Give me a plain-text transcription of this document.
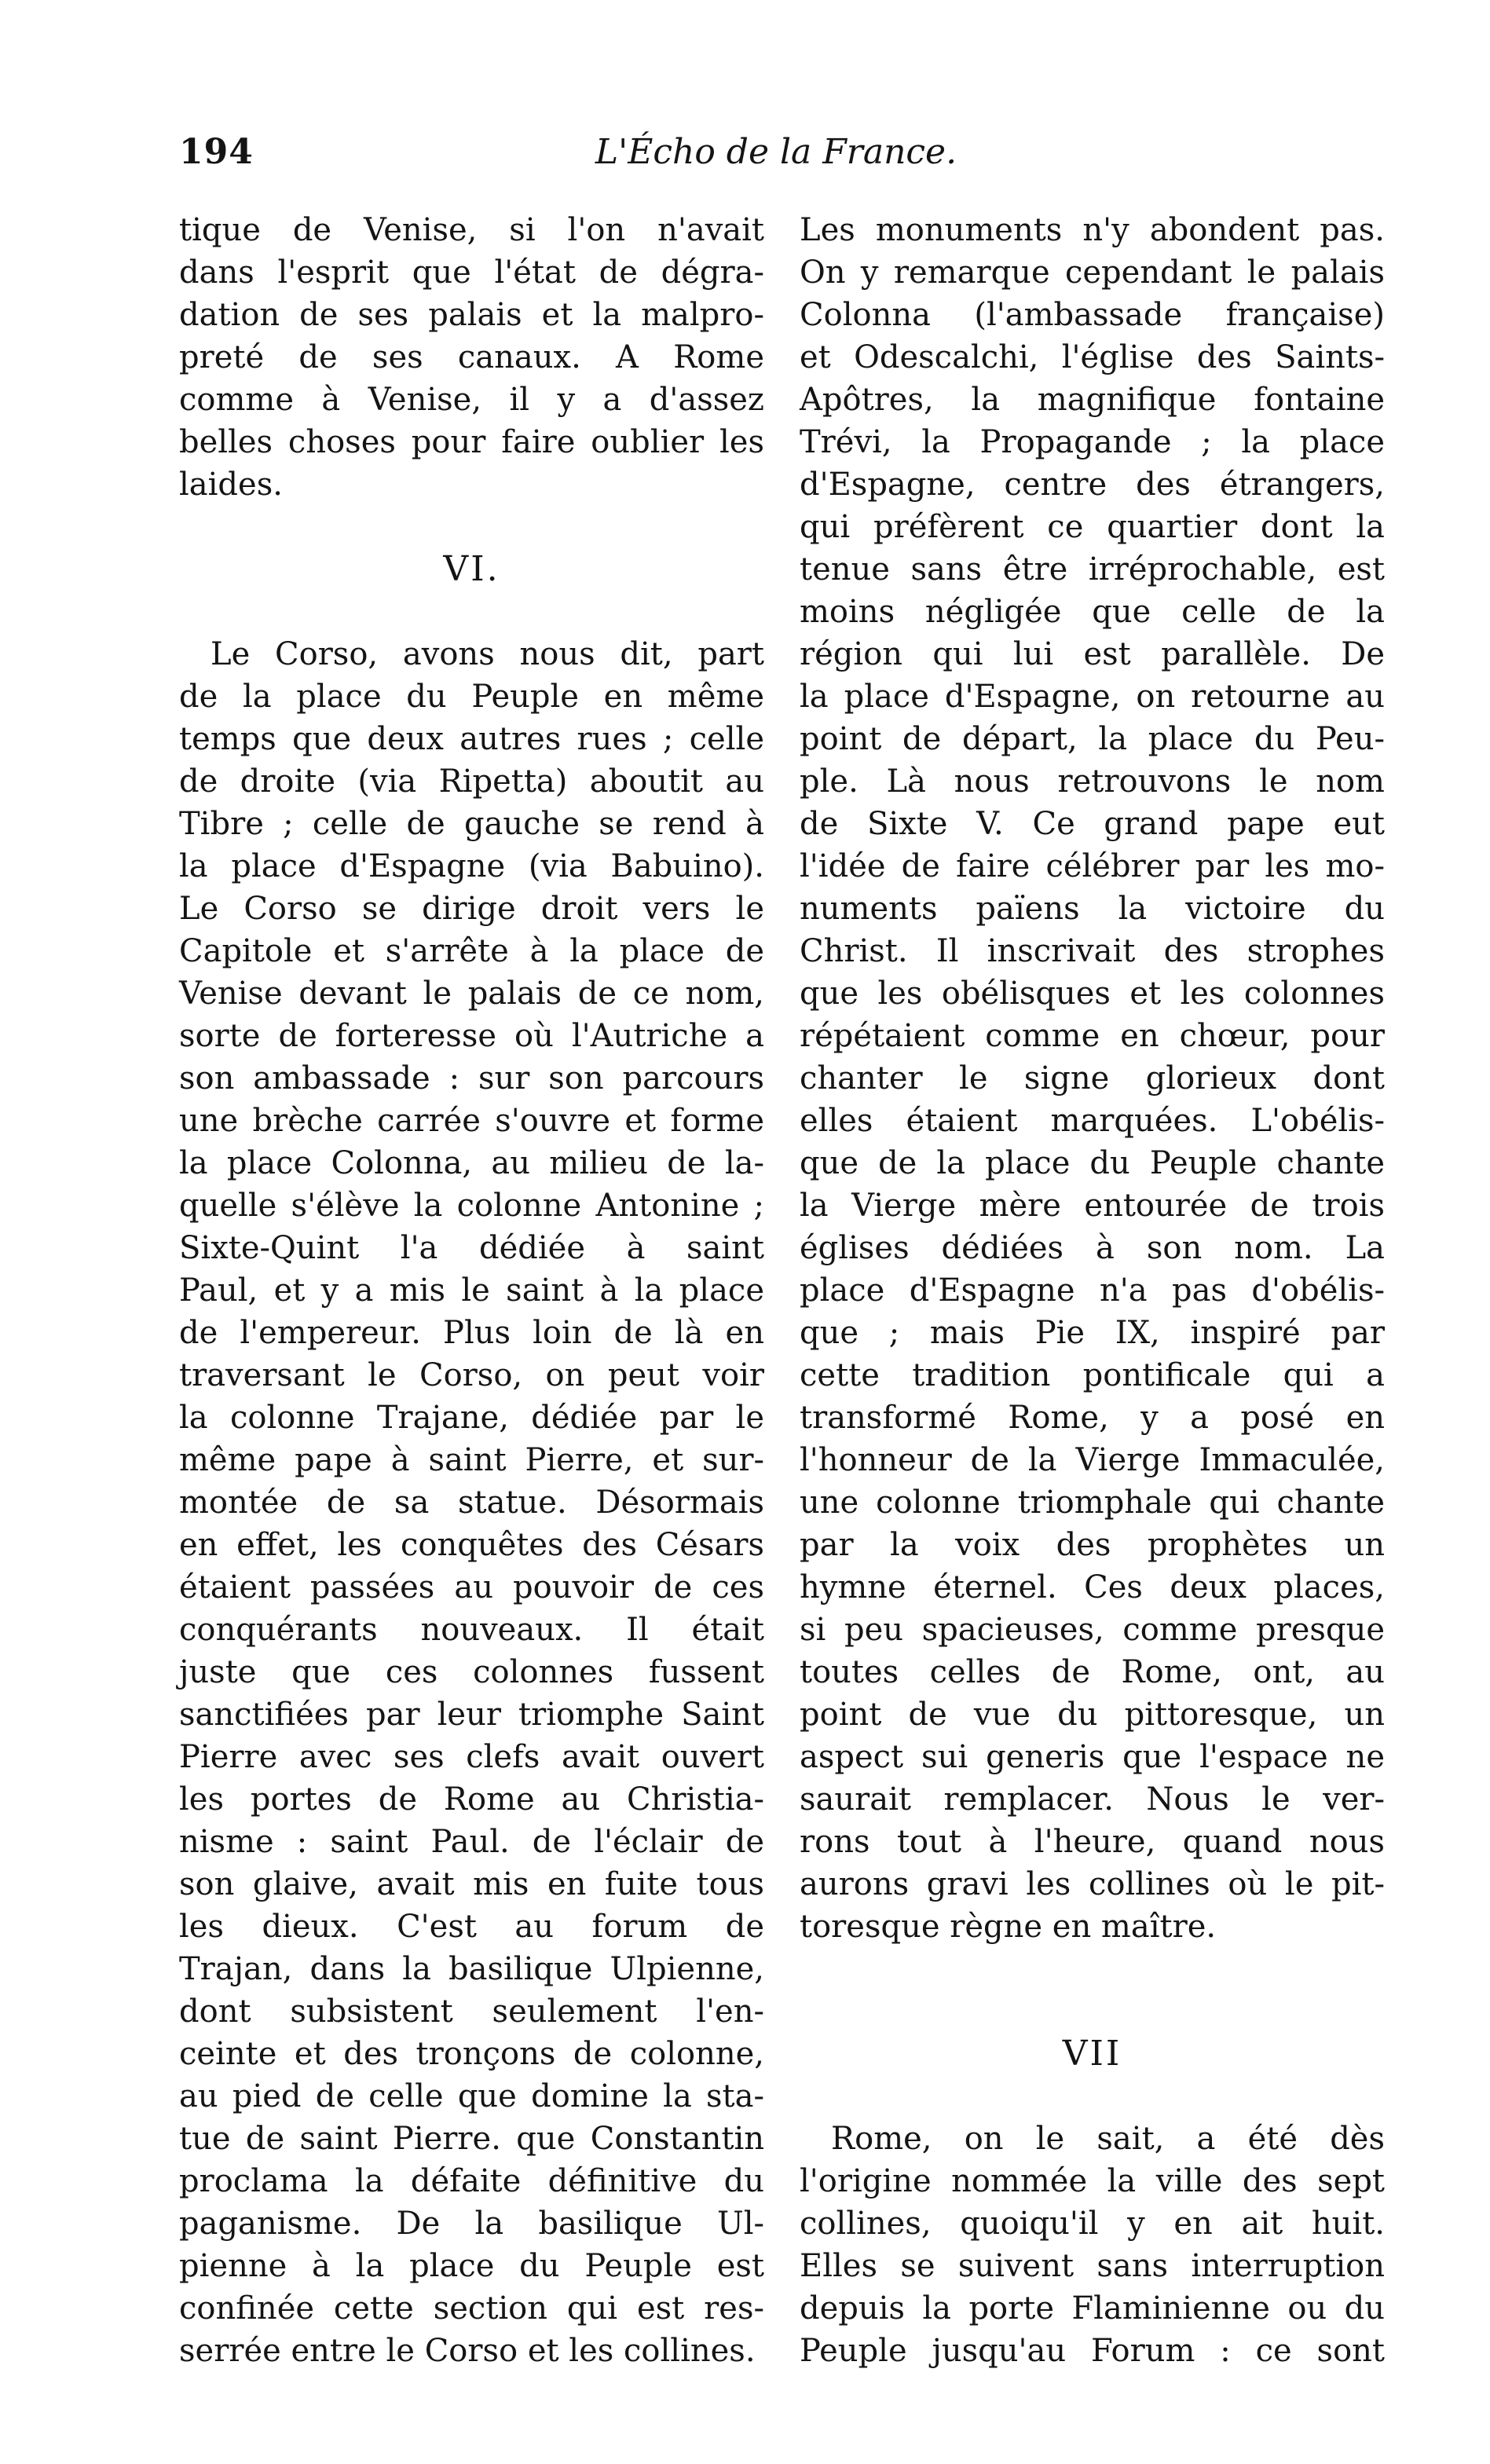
194	L'Écho de la France.
tique de Venise, si l'on n'avait
dans l'esprit que l'état de dégra-
dation de ses palais et la malpro-
preté de ses canaux. A Rome
comme à Venise, il y a d'assez
belles choses pour faire oublier les
laides.
VI.
Le Corso, avons nous dit, part
de la place du Peuple en même
temps que deux autres rues ; celle
de droite (via Ripetta) aboutit au
Tibre ; celle de gauche se rend à
la place d'Espagne (via Babuino).
Le Corso se dirige droit vers le
Capitole et s'arrête à la place de
Venise devant le palais de ce nom,
sorte de forteresse où l'Autriche a
son ambassade : sur son parcours
une brèche carrée s'ouvre et forme
la place Colonna, au milieu de la-
quelle s'élève la colonne Antonine ;
Sixte-Quint l'a dédiée à saint
Paul, et y a mis le saint à la place
de l'empereur. Plus loin de là en
traversant le Corso, on peut voir
la colonne Trajane, dédiée par le
même pape à saint Pierre, et sur-
montée de sa statue. Désormais
en effet, les conquêtes des Césars
étaient passées au pouvoir de ces
conquérants nouveaux. Il était
juste que ces colonnes fussent
sanctifiées par leur triomphe Saint
Pierre avec ses clefs avait ouvert
les portes de Rome au Christia-
nisme : saint Paul. de l'éclair de
son glaive, avait mis en fuite tous
les dieux. C'est au forum de
Trajan, dans la basilique Ulpienne,
dont subsistent seulement l'en-
ceinte et des tronçons de colonne,
au pied de celle que domine la sta-
tue de saint Pierre. que Constantin
proclama la défaite définitive du
paganisme. De la basilique Ul-
pienne à la place du Peuple est
confinée cette section qui est res-
serrée entre le Corso et les collines.
Les monuments n'y abondent pas.
On y remarque cependant le palais
Colonna (l'ambassade française)
et Odescalchi, l'église des Saints-
Apôtres, la magnifique fontaine
Trévi, la Propagande ; la place
d'Espagne, centre des étrangers,
qui préfèrent ce quartier dont la
tenue sans être irréprochable, est
moins négligée que celle de la
région qui lui est parallèle. De
la place d'Espagne, on retourne au
point de départ, la place du Peu-
ple. Là nous retrouvons le nom
de Sixte V. Ce grand pape eut
l'idée de faire célébrer par les mo-
numents païens la victoire du
Christ. Il inscrivait des strophes
que les obélisques et les colonnes
répétaient comme en chœur, pour
chanter le signe glorieux dont
elles étaient marquées. L'obélis-
que de la place du Peuple chante
la Vierge mère entourée de trois
églises dédiées à son nom. La
place d'Espagne n'a pas d'obélis-
que ; mais Pie IX, inspiré par
cette tradition pontificale qui a
transformé Rome, y a posé en
l'honneur de la Vierge Immaculée,
une colonne triomphale qui chante
par la voix des prophètes un
hymne éternel. Ces deux places,
si peu spacieuses, comme presque
toutes celles de Rome, ont, au
point de vue du pittoresque, un
aspect sui generis que l'espace ne
saurait remplacer. Nous le ver-
rons tout à l'heure, quand nous
aurons gravi les collines où le pit-
toresque règne en maître.
VII
Rome, on le sait, a été dès
l'origine nommée la ville des sept
collines, quoiqu'il y en ait huit.
Elles se suivent sans interruption
depuis la porte Flaminienne ou du
Peuple jusqu'au Forum : ce sont
